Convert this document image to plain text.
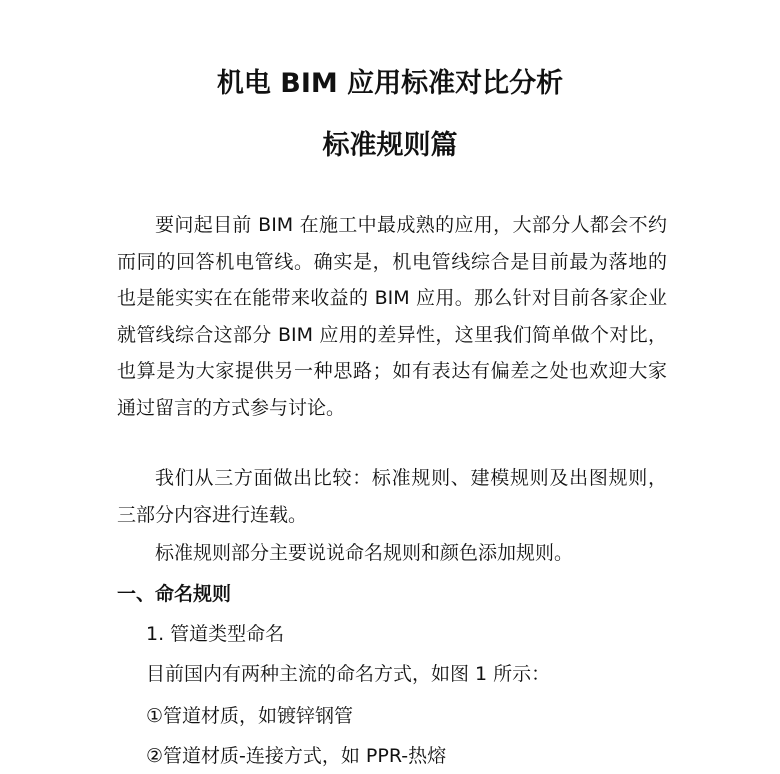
机电 BIM 应用标准对比分析
标准规则篇

要问起目前 BIM 在施工中最成熟的应用，大部分人都会不约而同的回答机电管线。确实是，机电管线综合是目前最为落地的也是能实实在在能带来收益的 BIM 应用。那么针对目前各家企业就管线综合这部分 BIM 应用的差异性，这里我们简单做个对比，也算是为大家提供另一种思路；如有表达有偏差之处也欢迎大家通过留言的方式参与讨论。

我们从三方面做出比较：标准规则、建模规则及出图规则，三部分内容进行连载。

标准规则部分主要说说命名规则和颜色添加规则。

一、命名规则

1. 管道类型命名

目前国内有两种主流的命名方式，如图 1 所示：

①管道材质，如镀锌钢管

②管道材质-连接方式，如 PPR-热熔
